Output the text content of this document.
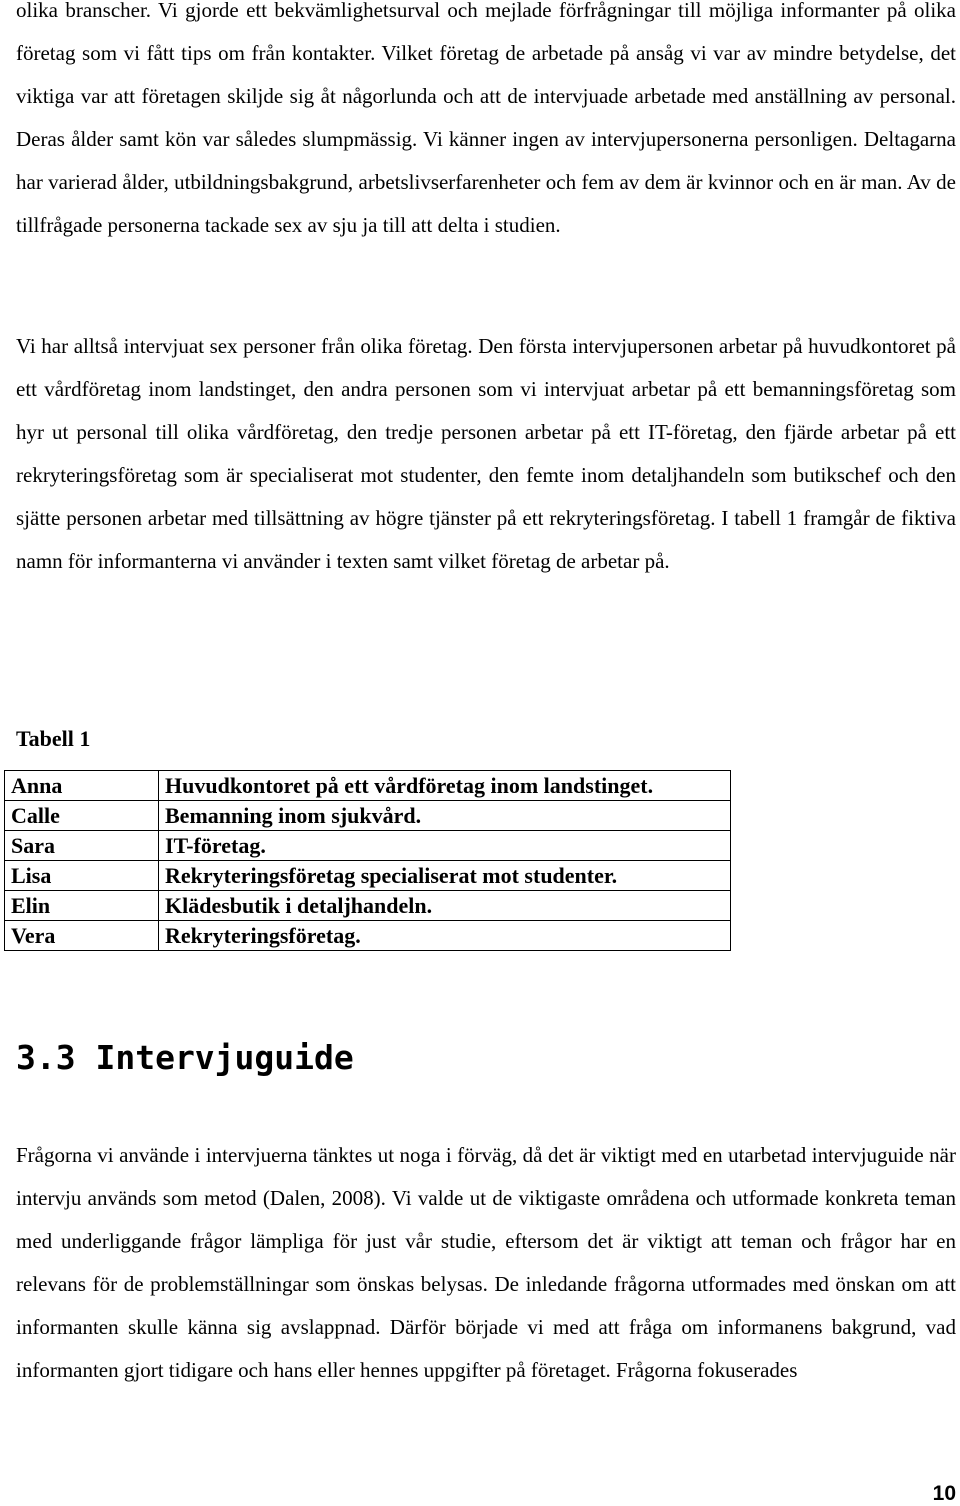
olika branscher. Vi gjorde ett bekvämlighetsurval och mejlade förfrågningar till möjliga informanter på olika företag som vi fått tips om från kontakter. Vilket företag de arbetade på ansåg vi var av mindre betydelse, det viktiga var att företagen skiljde sig åt någorlunda och att de intervjuade arbetade med anställning av personal. Deras ålder samt kön var således slumpmässig. Vi känner ingen av intervjupersonerna personligen. Deltagarna har varierad ålder, utbildningsbakgrund, arbetslivserfarenheter och fem av dem är kvinnor och en är man. Av de tillfrågade personerna tackade sex av sju ja till att delta i studien.

Vi har alltså intervjuat sex personer från olika företag. Den första intervjupersonen arbetar på huvudkontoret på ett vårdföretag inom landstinget, den andra personen som vi intervjuat arbetar på ett bemanningsföretag som hyr ut personal till olika vårdföretag, den tredje personen arbetar på ett IT-företag, den fjärde arbetar på ett rekryteringsföretag som är specialiserat mot studenter, den femte inom detaljhandeln som butikschef och den sjätte personen arbetar med tillsättning av högre tjänster på ett rekryteringsföretag. I tabell 1 framgår de fiktiva namn för informanterna vi använder i texten samt vilket företag de arbetar på.

Tabell 1

Anna	Huvudkontoret på ett vårdföretag inom landstinget.
Calle	Bemanning inom sjukvård.
Sara	IT-företag.
Lisa	Rekryteringsföretag specialiserat mot studenter.
Elin	Klädesbutik i detaljhandeln.
Vera	Rekryteringsföretag.
3.3 Intervjuguide

Frågorna vi använde i intervjuerna tänktes ut noga i förväg, då det är viktigt med en utarbetad intervjuguide när intervju används som metod (Dalen, 2008). Vi valde ut de viktigaste områdena och utformade konkreta teman med underliggande frågor lämpliga för just vår studie, eftersom det är viktigt att teman och frågor har en relevans för de problemställningar som önskas belysas. De inledande frågorna utformades med önskan om att informanten skulle känna sig avslappnad. Därför började vi med att fråga om informanens bakgrund, vad informanten gjort tidigare och hans eller hennes uppgifter på företaget. Frågorna fokuserades

10
